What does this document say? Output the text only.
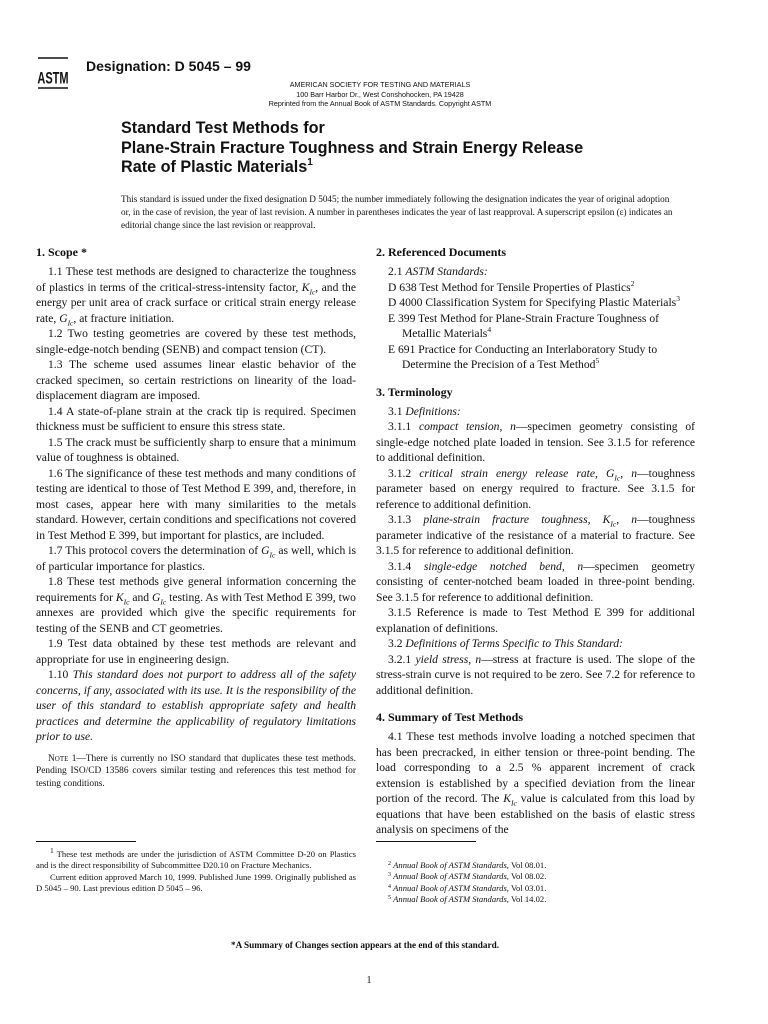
ASTM
Designation: D 5045 – 99
AMERICAN SOCIETY FOR TESTING AND MATERIALS
100 Barr Harbor Dr., West Conshohocken, PA 19428
Reprinted from the Annual Book of ASTM Standards. Copyright ASTM
Standard Test Methods for
Plane-Strain Fracture Toughness and Strain Energy Release
Rate of Plastic Materials$^1$
This standard is issued under the fixed designation D 5045; the number immediately following the designation indicates the year of original adoption or, in the case of revision, the year of last revision. A number in parentheses indicates the year of last reapproval. A superscript epsilon (ε) indicates an editorial change since the last revision or reapproval.
1. Scope *

1.1 These test methods are designed to characterize the toughness of plastics in terms of the critical-stress-intensity factor, $K_{Ic}$, and the energy per unit area of crack surface or critical strain energy release rate, $G_{Ic}$, at fracture initiation.

1.2 Two testing geometries are covered by these test methods, single-edge-notch bending (SENB) and compact tension (CT).

1.3 The scheme used assumes linear elastic behavior of the cracked specimen, so certain restrictions on linearity of the load-displacement diagram are imposed.

1.4 A state-of-plane strain at the crack tip is required. Specimen thickness must be sufficient to ensure this stress state.

1.5 The crack must be sufficiently sharp to ensure that a minimum value of toughness is obtained.

1.6 The significance of these test methods and many conditions of testing are identical to those of Test Method E 399, and, therefore, in most cases, appear here with many similarities to the metals standard. However, certain conditions and specifications not covered in Test Method E 399, but important for plastics, are included.

1.7 This protocol covers the determination of $G_{Ic}$ as well, which is of particular importance for plastics.

1.8 These test methods give general information concerning the requirements for $K_{Ic}$ and $G_{Ic}$ testing. As with Test Method E 399, two annexes are provided which give the specific requirements for testing of the SENB and CT geometries.

1.9 Test data obtained by these test methods are relevant and appropriate for use in engineering design.

1.10 This standard does not purport to address all of the safety concerns, if any, associated with its use. It is the responsibility of the user of this standard to establish appropriate safety and health practices and determine the applicability of regulatory limitations prior to use.

Note 1—There is currently no ISO standard that duplicates these test methods. Pending ISO/CD 13586 covers similar testing and references this test method for testing conditions.

2. Referenced Documents

2.1 ASTM Standards:

D 638 Test Method for Tensile Properties of Plastics$^2$

D 4000 Classification System for Specifying Plastic Materials$^3$

E 399 Test Method for Plane-Strain Fracture Toughness of Metallic Materials$^4$

E 691 Practice for Conducting an Interlaboratory Study to Determine the Precision of a Test Method$^5$

3. Terminology

3.1 Definitions:

3.1.1 compact tension, n—specimen geometry consisting of single-edge notched plate loaded in tension. See 3.1.5 for reference to additional definition.

3.1.2 critical strain energy release rate, $G_{Ic}$, n—toughness parameter based on energy required to fracture. See 3.1.5 for reference to additional definition.

3.1.3 plane-strain fracture toughness, $K_{Ic}$, n—toughness parameter indicative of the resistance of a material to fracture. See 3.1.5 for reference to additional definition.

3.1.4 single-edge notched bend, n—specimen geometry consisting of center-notched beam loaded in three-point bending. See 3.1.5 for reference to additional definition.

3.1.5 Reference is made to Test Method E 399 for additional explanation of definitions.

3.2 Definitions of Terms Specific to This Standard:

3.2.1 yield stress, n—stress at fracture is used. The slope of the stress-strain curve is not required to be zero. See 7.2 for reference to additional definition.

4. Summary of Test Methods

4.1 These test methods involve loading a notched specimen that has been precracked, in either tension or three-point bending. The load corresponding to a 2.5 % apparent increment of crack extension is established by a specified deviation from the linear portion of the record. The $K_{Ic}$ value is calculated from this load by equations that have been established on the basis of elastic stress analysis on specimens of the

$^1$ These test methods are under the jurisdiction of ASTM Committee D-20 on Plastics and is the direct responsibility of Subcommittee D20.10 on Fracture Mechanics.

Current edition approved March 10, 1999. Published June 1999. Originally published as D 5045 – 90. Last previous edition D 5045 – 96.

$^2$ Annual Book of ASTM Standards, Vol 08.01.

$^3$ Annual Book of ASTM Standards, Vol 08.02.

$^4$ Annual Book of ASTM Standards, Vol 03.01.

$^5$ Annual Book of ASTM Standards, Vol 14.02.

*A Summary of Changes section appears at the end of this standard.
1
